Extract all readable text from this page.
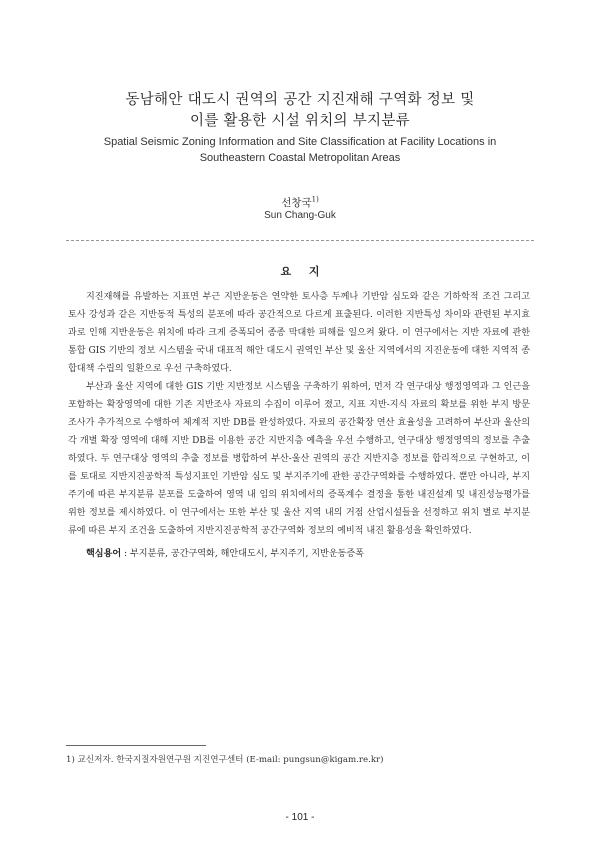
동남해안 대도시 권역의 공간 지진재해 구역화 정보 및
이를 활용한 시설 위치의 부지분류
Spatial Seismic Zoning Information and Site Classification at Facility Locations in
Southeastern Coastal Metropolitan Areas
선창국$^{1)}$
Sun Chang-Guk
요 지

지진재해를 유발하는 지표면 부근 지반운동은 연약한 토사층 두께나 기반암 심도와 같은 기하학적 조건 그리고 토사 강성과 같은 지반동적 특성의 분포에 따라 공간적으로 다르게 표출된다. 이러한 지반특성 차이와 관련된 부지효과로 인해 지반운동은 위치에 따라 크게 증폭되어 종종 막대한 피해를 일으켜 왔다. 이 연구에서는 지반 자료에 관한 통합 GIS 기반의 정보 시스템을 국내 대표적 해안 대도시 권역인 부산 및 울산 지역에서의 지진운동에 대한 지역적 종합대책 수립의 일환으로 우선 구축하였다.

부산과 울산 지역에 대한 GIS 기반 지반정보 시스템을 구축하기 위하여, 먼저 각 연구대상 행정영역과 그 인근을 포함하는 확장영역에 대한 기존 지반조사 자료의 수집이 이루어 졌고, 지표 지반-지식 자료의 확보를 위한 부지 방문조사가 추가적으로 수행하여 체계적 지반 DB를 완성하였다. 자료의 공간확장 연산 효율성을 고려하여 부산과 울산의 각 개별 확장 영역에 대해 지반 DB를 이용한 공간 지반지층 예측을 우선 수행하고, 연구대상 행정영역의 정보를 추출하였다. 두 연구대상 영역의 추출 정보를 병합하여 부산-울산 권역의 공간 지반지층 정보를 합리적으로 구현하고, 이를 토대로 지반지진공학적 특성지표인 기반암 심도 및 부지주기에 관한 공간구역화를 수행하였다. 뿐만 아니라, 부지주기에 따른 부지분류 분포를 도출하여 영역 내 임의 위치에서의 증폭계수 결정을 통한 내진설계 및 내진성능평가를 위한 정보를 제시하였다. 이 연구에서는 또한 부산 및 울산 지역 내의 거점 산업시설들을 선정하고 위치 별로 부지분류에 따른 부지 조건을 도출하여 지반지진공학적 공간구역화 정보의 예비적 내진 활용성을 확인하였다.

핵심용어 : 부지분류, 공간구역화, 해안대도시, 부지주기, 지반운동증폭
1) 교신저자. 한국지질자원연구원 지진연구센터 (E-mail: pungsun@kigam.re.kr)
- 101 -
